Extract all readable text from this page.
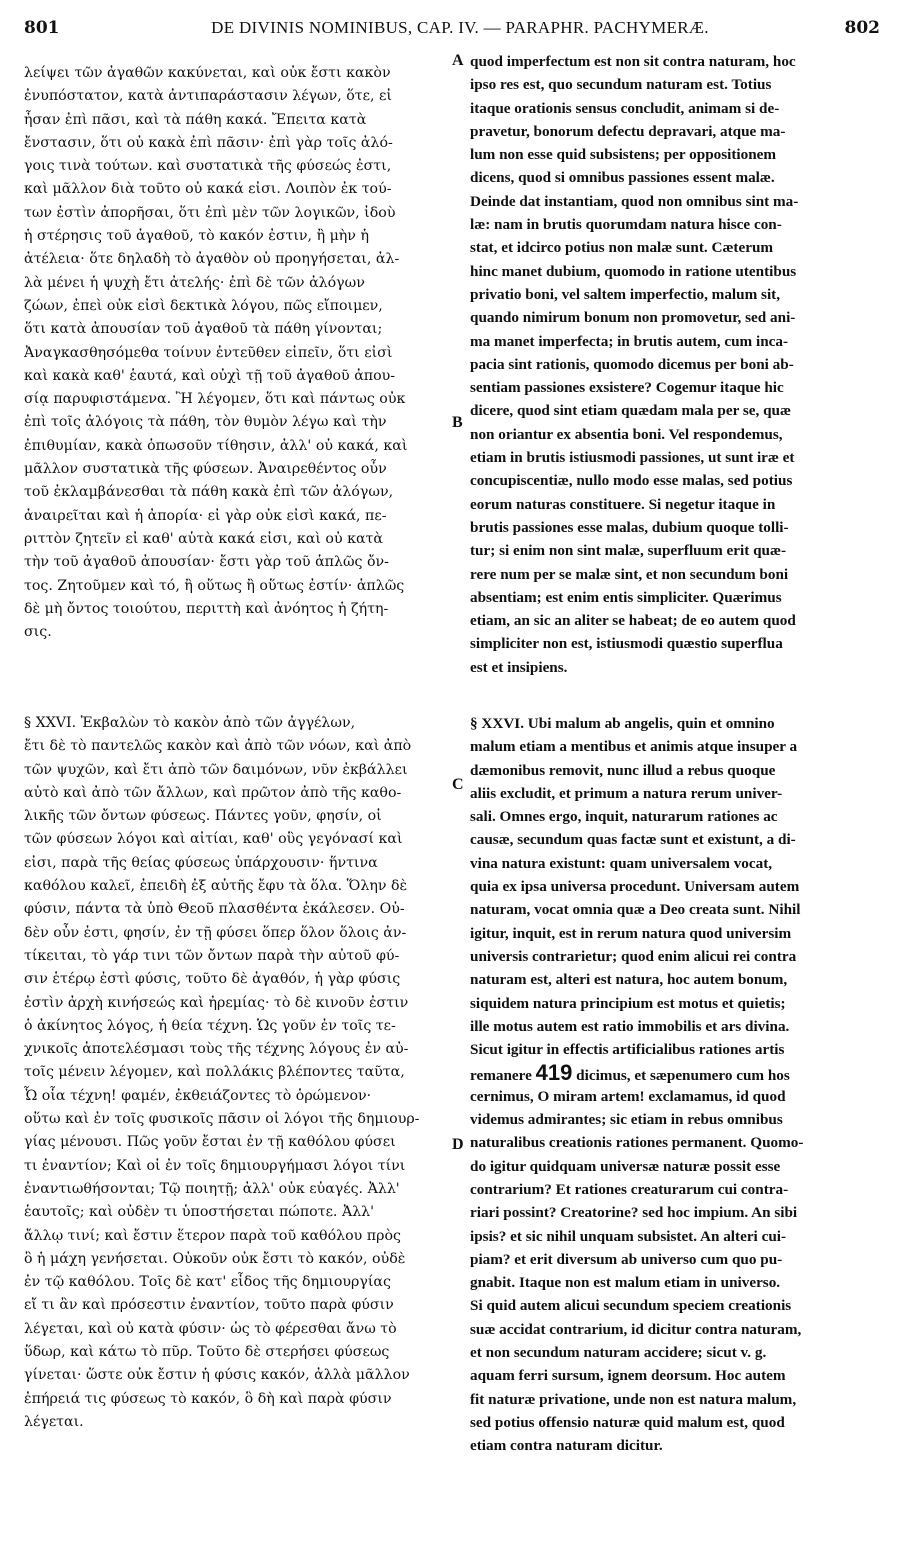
801	DE DIVINIS NOMINIBUS, CAP. IV. — PARAPHR. PACHYMERÆ.	802
λείψει τῶν ἀγαθῶν κακύνεται, καὶ οὐκ ἔστι κακὸν
ἐνυπόστατον, κατὰ ἀντιπαράστασιν λέγων, ὅτε, εἰ
ἦσαν ἐπὶ πᾶσι, καὶ τὰ πάθη κακά. Ἔπειτα κατὰ
ἔνστασιν, ὅτι οὐ κακὰ ἐπὶ πᾶσιν· ἐπὶ γὰρ τοῖς ἀλό-
γοις τινὰ τούτων. καὶ συστατικὰ τῆς φύσεώς ἐστι,
καὶ μᾶλλον διὰ τοῦτο οὐ κακά εἰσι. Λοιπὸν ἐκ τού-
των ἐστὶν ἀπορῆσαι, ὅτι ἐπὶ μὲν τῶν λογικῶν, ἰδοὺ
ἡ στέρησις τοῦ ἀγαθοῦ, τὸ κακόν ἐστιν, ἢ μὴν ἡ
ἀτέλεια· ὅτε δηλαδὴ τὸ ἀγαθὸν οὐ προηγήσεται, ἀλ-
λὰ μένει ἡ ψυχὴ ἔτι ἀτελής· ἐπὶ δὲ τῶν ἀλόγων
ζώων, ἐπεὶ οὐκ εἰσὶ δεκτικὰ λόγου, πῶς εἴποιμεν,
ὅτι κατὰ ἀπουσίαν τοῦ ἀγαθοῦ τὰ πάθη γίνονται;
Ἀναγκασθησόμεθα τοίνυν ἐντεῦθεν εἰπεῖν, ὅτι εἰσὶ
καὶ κακὰ καθ' ἑαυτά, καὶ οὐχὶ τῇ τοῦ ἀγαθοῦ ἀπου-
σίᾳ παρυφιστάμενα. Ἢ λέγομεν, ὅτι καὶ πάντως οὐκ
ἐπὶ τοῖς ἀλόγοις τὰ πάθη, τὸν θυμὸν λέγω καὶ τὴν
ἐπιθυμίαν, κακὰ ὁπωσοῦν τίθησιν, ἀλλ' οὐ κακά, καὶ
μᾶλλον συστατικὰ τῆς φύσεων. Ἀναιρεθέντος οὖν
τοῦ ἐκλαμβάνεσθαι τὰ πάθη κακὰ ἐπὶ τῶν ἀλόγων,
ἀναιρεῖται καὶ ἡ ἀπορία· εἰ γὰρ οὐκ εἰσὶ κακά, πε-
ριττὸν ζητεῖν εἰ καθ' αὑτὰ κακά εἰσι, καὶ οὐ κατὰ
τὴν τοῦ ἀγαθοῦ ἀπουσίαν· ἔστι γὰρ τοῦ ἁπλῶς ὄν-
τος. Ζητοῦμεν καὶ τό, ἢ οὕτως ἢ οὕτως ἐστίν· ἁπλῶς
δὲ μὴ ὄντος τοιούτου, περιττὴ καὶ ἀνόητος ἡ ζήτη-
σις.
§ XXVI. Ἐκβαλὼν τὸ κακὸν ἀπὸ τῶν ἀγγέλων,
ἔτι δὲ τὸ παντελῶς κακὸν καὶ ἀπὸ τῶν νόων, καὶ ἀπὸ
τῶν ψυχῶν, καὶ ἔτι ἀπὸ τῶν δαιμόνων, νῦν ἐκβάλλει
αὐτὸ καὶ ἀπὸ τῶν ἄλλων, καὶ πρῶτον ἀπὸ τῆς καθο-
λικῆς τῶν ὄντων φύσεως. Πάντες γοῦν, φησίν, οἱ
τῶν φύσεων λόγοι καὶ αἰτίαι, καθ' οὓς γεγόνασί καὶ
εἰσι, παρὰ τῆς θείας φύσεως ὑπάρχουσιν· ἥντινα
καθόλου καλεῖ, ἐπειδὴ ἐξ αὐτῆς ἔφυ τὰ ὅλα. Ὅλην δὲ
φύσιν, πάντα τὰ ὑπὸ Θεοῦ πλασθέντα ἐκάλεσεν. Οὐ-
δὲν οὖν ἐστι, φησίν, ἐν τῇ φύσει ὅπερ ὅλον ὅλοις ἀν-
τίκειται, τὸ γάρ τινι τῶν ὄντων παρὰ τὴν αὐτοῦ φύ-
σιν ἑτέρῳ ἐστὶ φύσις, τοῦτο δὲ ἀγαθόν, ἡ γὰρ φύσις
ἐστὶν ἀρχὴ κινήσεώς καὶ ἠρεμίας· τὸ δὲ κινοῦν ἐστιν
ὁ ἀκίνητος λόγος, ἡ θεία τέχνη. Ὡς γοῦν ἐν τοῖς τε-
χνικοῖς ἀποτελέσμασι τοὺς τῆς τέχνης λόγους ἐν αὐ-
τοῖς μένειν λέγομεν, καὶ πολλάκις βλέποντες ταῦτα,
Ὦ οἷα τέχνη! φαμέν, ἐκθειάζοντες τὸ ὁρώμενον·
οὕτω καὶ ἐν τοῖς φυσικοῖς πᾶσιν οἱ λόγοι τῆς δημιουρ-
γίας μένουσι. Πῶς γοῦν ἔσται ἐν τῇ καθόλου φύσει
τι ἐναντίον; Καὶ οἱ ἐν τοῖς δημιουργήμασι λόγοι τίνι
ἐναντιωθήσονται; Τῷ ποιητῇ; ἀλλ' οὐκ εὐαγές. Ἀλλ'
ἑαυτοῖς; καὶ οὐδὲν τι ὑποστήσεται πώποτε. Ἀλλ'
ἄλλῳ τινί; καὶ ἔστιν ἕτερον παρὰ τοῦ καθόλου πρὸς
ὃ ἡ μάχη γενήσεται. Οὐκοῦν οὐκ ἔστι τὸ κακόν, οὐδὲ
ἐν τῷ καθόλου. Τοῖς δὲ κατ' εἶδος τῆς δημιουργίας
εἴ τι ἂν καὶ πρόσεστιν ἐναντίον, τοῦτο παρὰ φύσιν
λέγεται, καὶ οὐ κατὰ φύσιν· ὡς τὸ φέρεσθαι ἄνω τὸ
ὕδωρ, καὶ κάτω τὸ πῦρ. Τοῦτο δὲ στερήσει φύσεως
γίνεται· ὥστε οὐκ ἔστιν ἡ φύσις κακόν, ἀλλὰ μᾶλλον
ἐπήρειά τις φύσεως τὸ κακόν, ὃ δὴ καὶ παρὰ φύσιν
λέγεται.
quod imperfectum est non sit contra naturam, hoc
ipso res est, quo secundum naturam est. Totius
itaque orationis sensus concludit, animam si de-
pravetur, bonorum defectu depravari, atque ma-
lum non esse quid subsistens; per oppositionem
dicens, quod si omnibus passiones essent malæ.
Deinde dat instantiam, quod non omnibus sint ma-
læ: nam in brutis quorumdam natura hisce con-
stat, et idcirco potius non malæ sunt. Cæterum
hinc manet dubium, quomodo in ratione utentibus
privatio boni, vel saltem imperfectio, malum sit,
quando nimirum bonum non promovetur, sed ani-
ma manet imperfecta; in brutis autem, cum inca-
pacia sint rationis, quomodo dicemus per boni ab-
sentiam passiones exsistere? Cogemur itaque hic
dicere, quod sint etiam quædam mala per se, quæ
non oriantur ex absentia boni. Vel respondemus,
etiam in brutis istiusmodi passiones, ut sunt iræ et
concupiscentiæ, nullo modo esse malas, sed potius
eorum naturas constituere. Si negetur itaque in
brutis passiones esse malas, dubium quoque tolli-
tur; si enim non sint malæ, superfluum erit quæ-
rere num per se malæ sint, et non secundum boni
absentiam; est enim entis simpliciter. Quærimus
etiam, an sic an aliter se habeat; de eo autem quod
simpliciter non est, istiusmodi quæstio superflua
est et insipiens.
§ XXVI. Ubi malum ab angelis, quin et omnino
malum etiam a mentibus et animis atque insuper a
dæmonibus removit, nunc illud a rebus quoque
aliis excludit, et primum a natura rerum univer-
sali. Omnes ergo, inquit, naturarum rationes ac
causæ, secundum quas factæ sunt et existunt, a di-
vina natura existunt: quam universalem vocat,
quia ex ipsa universa procedunt. Universam autem
naturam, vocat omnia quæ a Deo creata sunt. Nihil
igitur, inquit, est in rerum natura quod universim
universis contrarietur; quod enim alicui rei contra
naturam est, alteri est natura, hoc autem bonum,
siquidem natura principium est motus et quietis;
ille motus autem est ratio immobilis et ars divina.
Sicut igitur in effectis artificialibus rationes artis
remanere 419 dicimus, et sæpenumero cum hos
cernimus, O miram artem! exclamamus, id quod
videmus admirantes; sic etiam in rebus omnibus
naturalibus creationis rationes permanent. Quomo-
do igitur quidquam universæ naturæ possit esse
contrarium? Et rationes creaturarum cui contra-
riari possint? Creatorine? sed hoc impium. An sibi
ipsis? et sic nihil unquam subsistet. An alteri cui-
piam? et erit diversum ab universo cum quo pu-
gnabit. Itaque non est malum etiam in universo.
Si quid autem alicui secundum speciem creationis
suæ accidat contrarium, id dicitur contra naturam,
et non secundum naturam accidere; sicut v. g.
aquam ferri sursum, ignem deorsum. Hoc autem
fit naturæ privatione, unde non est natura malum,
sed potius offensio naturæ quid malum est, quod
etiam contra naturam dicitur.
A
B
C
D
